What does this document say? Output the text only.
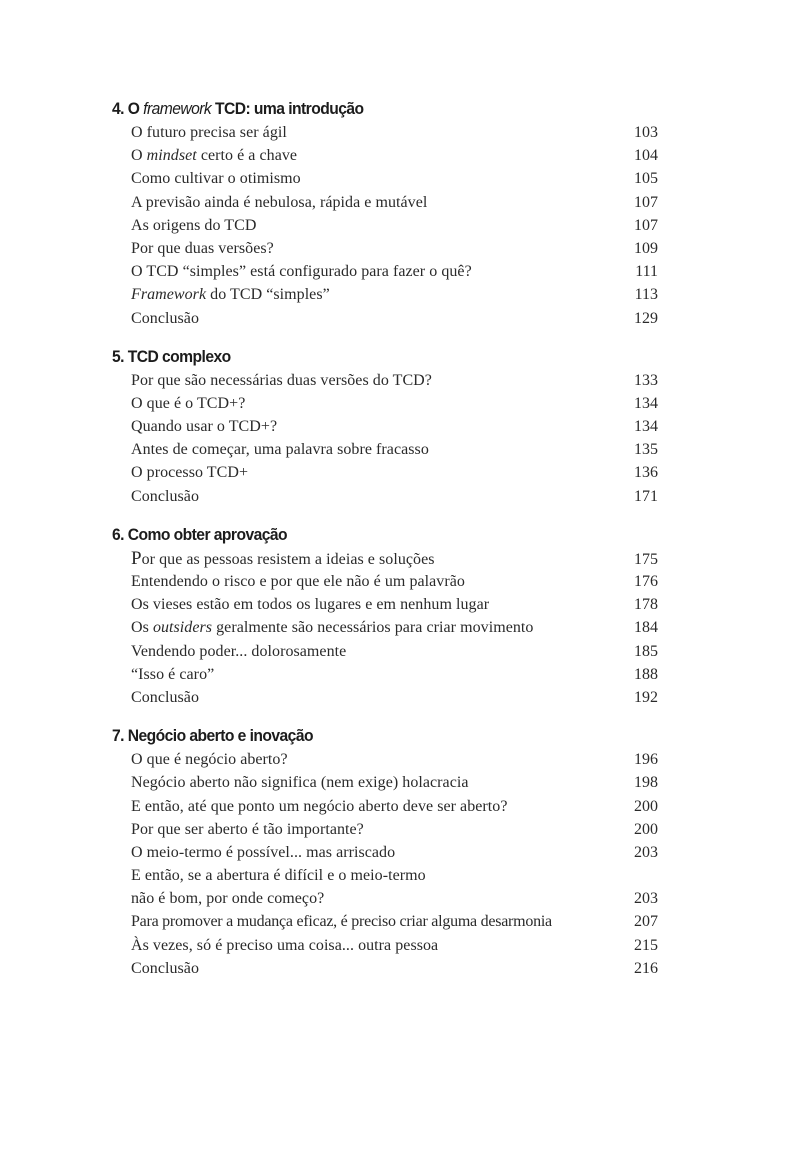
4. O framework TCD: uma introdução
O futuro precisa ser ágil	103
O mindset certo é a chave	104
Como cultivar o otimismo	105
A previsão ainda é nebulosa, rápida e mutável	107
As origens do TCD	107
Por que duas versões?	109
O TCD “simples” está configurado para fazer o quê?	111
Framework do TCD “simples”	113
Conclusão	129
5. TCD complexo
Por que são necessárias duas versões do TCD?	133
O que é o TCD+?	134
Quando usar o TCD+?	134
Antes de começar, uma palavra sobre fracasso	135
O processo TCD+	136
Conclusão	171
6. Como obter aprovação
Por que as pessoas resistem a ideias e soluções	175
Entendendo o risco e por que ele não é um palavrão	176
Os vieses estão em todos os lugares e em nenhum lugar	178
Os outsiders geralmente são necessários para criar movimento	184
Vendendo poder... dolorosamente	185
“Isso é caro”	188
Conclusão	192
7. Negócio aberto e inovação
O que é negócio aberto?	196
Negócio aberto não significa (nem exige) holacracia	198
E então, até que ponto um negócio aberto deve ser aberto?	200
Por que ser aberto é tão importante?	200
O meio-termo é possível... mas arriscado	203
E então, se a abertura é difícil e o meio-termo
não é bom, por onde começo?	203
Para promover a mudança eficaz, é preciso criar alguma desarmonia	207
Às vezes, só é preciso uma coisa... outra pessoa	215
Conclusão	216
